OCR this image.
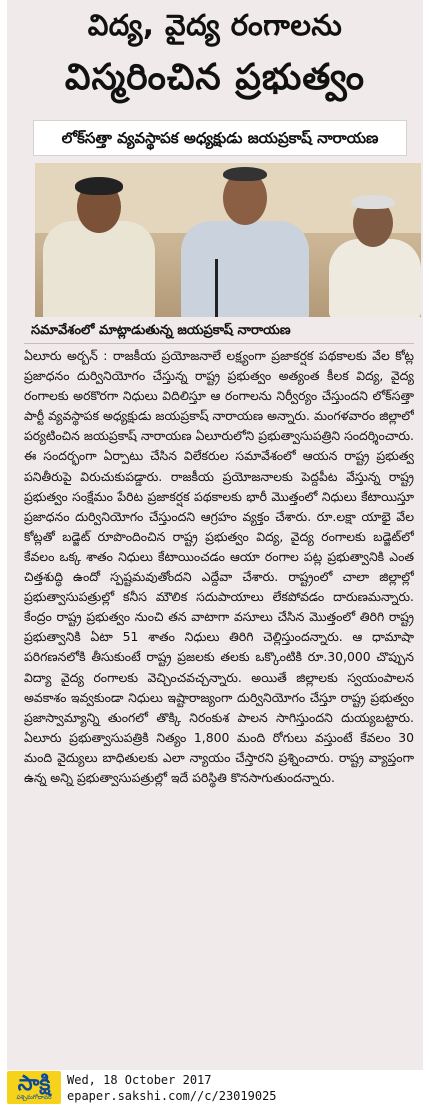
విద్య, వైద్య రంగాలను
విస్మరించిన ప్రభుత్వం
లోక్‌సత్తా వ్యవస్థాపక అధ్యక్షుడు జయప్రకాష్ నారాయణ
సమావేశంలో మాట్లాడుతున్న జయప్రకాష్ నారాయణ
ఏలూరు అర్బన్ : రాజకీయ ప్రయోజనాలే లక్ష్యంగా ప్రజాకర్షక పథకాలకు వేల కోట్ల ప్రజాధనం దుర్వినియోగం చేస్తున్న రాష్ట్ర ప్రభుత్వం అత్యంత కీలక విద్య, వైద్య రంగాలకు అరకొరగా నిధులు విదిలిస్తూ ఆ రంగాలను నిర్వీర్యం చేస్తుందని లోక్‌సత్తా పార్టీ వ్యవస్థాపక అధ్యక్షుడు జయప్రకాష్ నారాయణ అన్నారు. మంగళవారం జిల్లాలో పర్యటించిన జయప్రకాష్ నారాయణ ఏలూరులోని ప్రభుత్వాసుపత్రిని సందర్శించారు. ఈ సందర్భంగా ఏర్పాటు చేసిన విలేకరుల సమావేశంలో ఆయన రాష్ట్ర ప్రభుత్వ పనితీరుపై విరుచుకుపడ్డారు. రాజకీయ ప్రయోజనాలకు పెద్దపీట వేస్తున్న రాష్ట్ర ప్రభుత్వం సంక్షేమం పేరిట ప్రజాకర్షక పథకాలకు భారీ మొత్తంలో నిధులు కేటాయిస్తూ ప్రజాధనం దుర్వినియోగం చేస్తుందని ఆగ్రహం వ్యక్తం చేశారు. రూ.లక్షా యాభై వేల కోట్లతో బడ్జెట్ రూపొందించిన రాష్ట్ర ప్రభుత్వం విద్య, వైద్య రంగాలకు బడ్జెట్‌లో కేవలం ఒక్క శాతం నిధులు కేటాయించడం ఆయా రంగాల పట్ల ప్రభుత్వానికి ఎంత చిత్తశుద్ధి ఉందో స్పష్టమవుతోందని ఎద్దేవా చేశారు. రాష్ట్రంలో చాలా జిల్లాల్లో ప్రభుత్వాసుపత్రుల్లో కనీస మౌలిక సదుపాయాలు లేకపోవడం దారుణమన్నారు. కేంద్రం రాష్ట్ర ప్రభుత్వం నుంచి తన వాటాగా వసూలు చేసిన మొత్తంలో తిరిగి రాష్ట్ర ప్రభుత్వానికి ఏటా 51 శాతం నిధులు తిరిగి చెల్లిస్తుందన్నారు. ఆ ధామాషా పరిగణనలోకి తీసుకుంటే రాష్ట్ర ప్రజలకు తలకు ఒక్కొంటికి రూ.30,000 చొప్పున విద్యా వైద్య రంగాలకు వెచ్చించవచ్చన్నారు. అయితే జిల్లాలకు స్వయంపాలన అవకాశం ఇవ్వకుండా నిధులు ఇష్టారాజ్యంగా దుర్వినియోగం చేస్తూ రాష్ట్ర ప్రభుత్వం ప్రజాస్వామ్యాన్ని తుంగలో తొక్కి నిరంకుశ పాలన సాగిస్తుందని దుయ్యబట్టారు. ఏలూరు ప్రభుత్వాసుపత్రికి నిత్యం 1,800 మంది రోగులు వస్తుంటే కేవలం 30 మంది వైద్యులు బాధితులకు ఎలా న్యాయం చేస్తారని ప్రశ్నించారు. రాష్ట్ర వ్యాప్తంగా ఉన్న అన్ని ప్రభుత్వాసుపత్రుల్లో ఇదే పరిస్థితి కొనసాగుతుందన్నారు.
సాక్షి
పశ్చిమగోదావరి
Wed, 18 October 2017
epaper.sakshi.com//c/23019025
